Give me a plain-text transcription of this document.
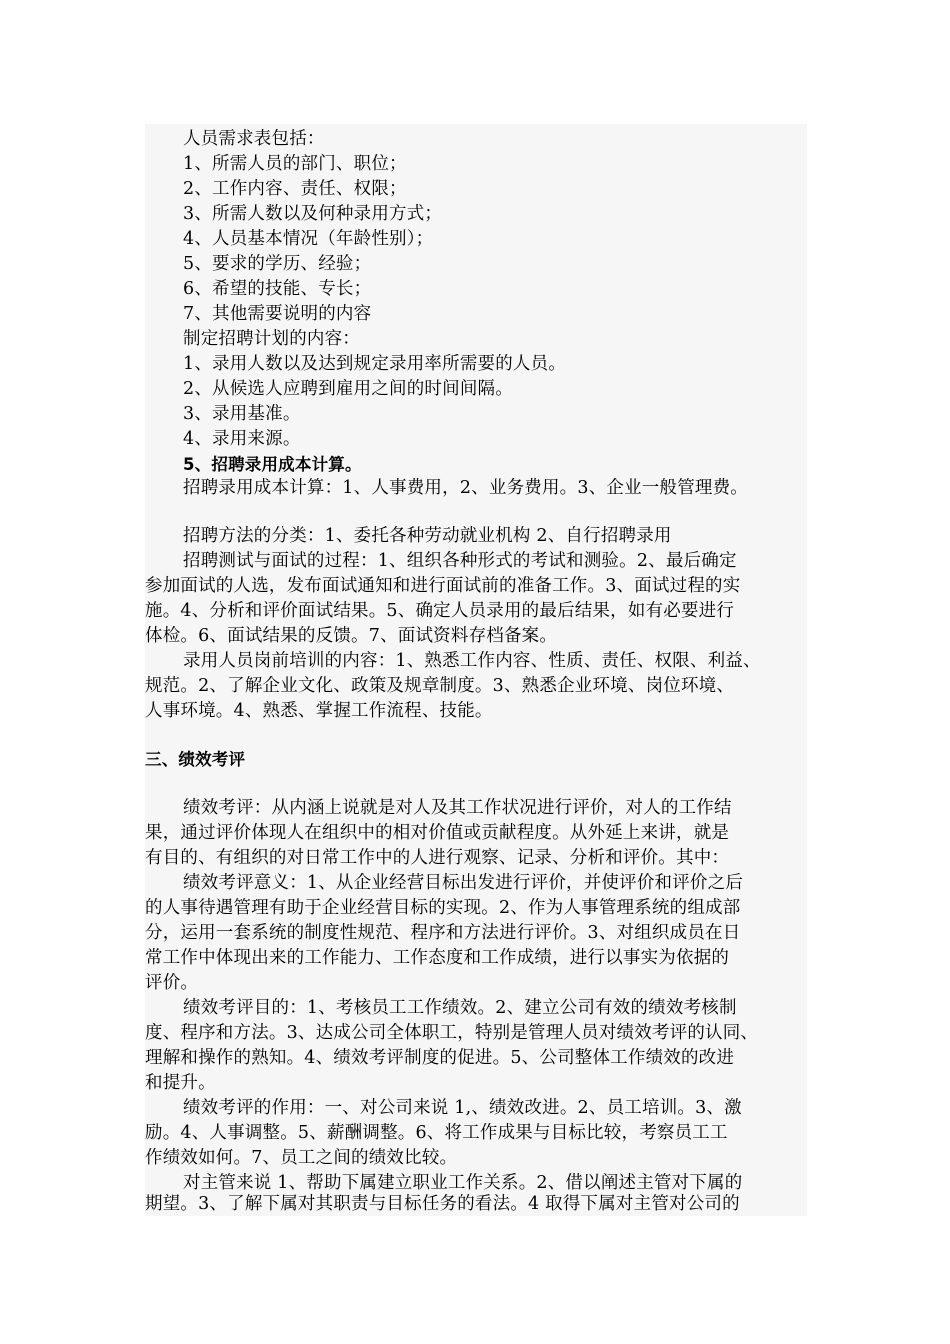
人员需求表包括：
1、所需人员的部门、职位；
2、工作内容、责任、权限；
3、所需人数以及何种录用方式；
4、人员基本情况（年龄性别）；
5、要求的学历、经验；
6、希望的技能、专长；
7、其他需要说明的内容
制定招聘计划的内容：
1、录用人数以及达到规定录用率所需要的人员。
2、从候选人应聘到雇用之间的时间间隔。
3、录用基准。
4、录用来源。
5、招聘录用成本计算。
招聘录用成本计算：1、人事费用，2、业务费用。3、企业一般管理费。
招聘方法的分类：1、委托各种劳动就业机构 2、自行招聘录用
招聘测试与面试的过程：1、组织各种形式的考试和测验。2、最后确定
参加面试的人选，发布面试通知和进行面试前的准备工作。3、面试过程的实
施。4、分析和评价面试结果。5、确定人员录用的最后结果，如有必要进行
体检。6、面试结果的反馈。7、面试资料存档备案。
录用人员岗前培训的内容：1、熟悉工作内容、性质、责任、权限、利益、
规范。2、了解企业文化、政策及规章制度。3、熟悉企业环境、岗位环境、
人事环境。4、熟悉、掌握工作流程、技能。
三、绩效考评
绩效考评：从内涵上说就是对人及其工作状况进行评价，对人的工作结
果，通过评价体现人在组织中的相对价值或贡献程度。从外延上来讲，就是
有目的、有组织的对日常工作中的人进行观察、记录、分析和评价。其中：
绩效考评意义：1、从企业经营目标出发进行评价，并使评价和评价之后
的人事待遇管理有助于企业经营目标的实现。2、作为人事管理系统的组成部
分，运用一套系统的制度性规范、程序和方法进行评价。3、对组织成员在日
常工作中体现出来的工作能力、工作态度和工作成绩，进行以事实为依据的
评价。
绩效考评目的：1、考核员工工作绩效。2、建立公司有效的绩效考核制
度、程序和方法。3、达成公司全体职工，特别是管理人员对绩效考评的认同、
理解和操作的熟知。4、绩效考评制度的促进。5、公司整体工作绩效的改进
和提升。
绩效考评的作用：一、对公司来说 1,、绩效改进。2、员工培训。3、激
励。4、人事调整。5、薪酬调整。6、将工作成果与目标比较，考察员工工
作绩效如何。7、员工之间的绩效比较。
对主管来说 1、帮助下属建立职业工作关系。2、借以阐述主管对下属的
期望。3、了解下属对其职责与目标任务的看法。4 取得下属对主管对公司的
